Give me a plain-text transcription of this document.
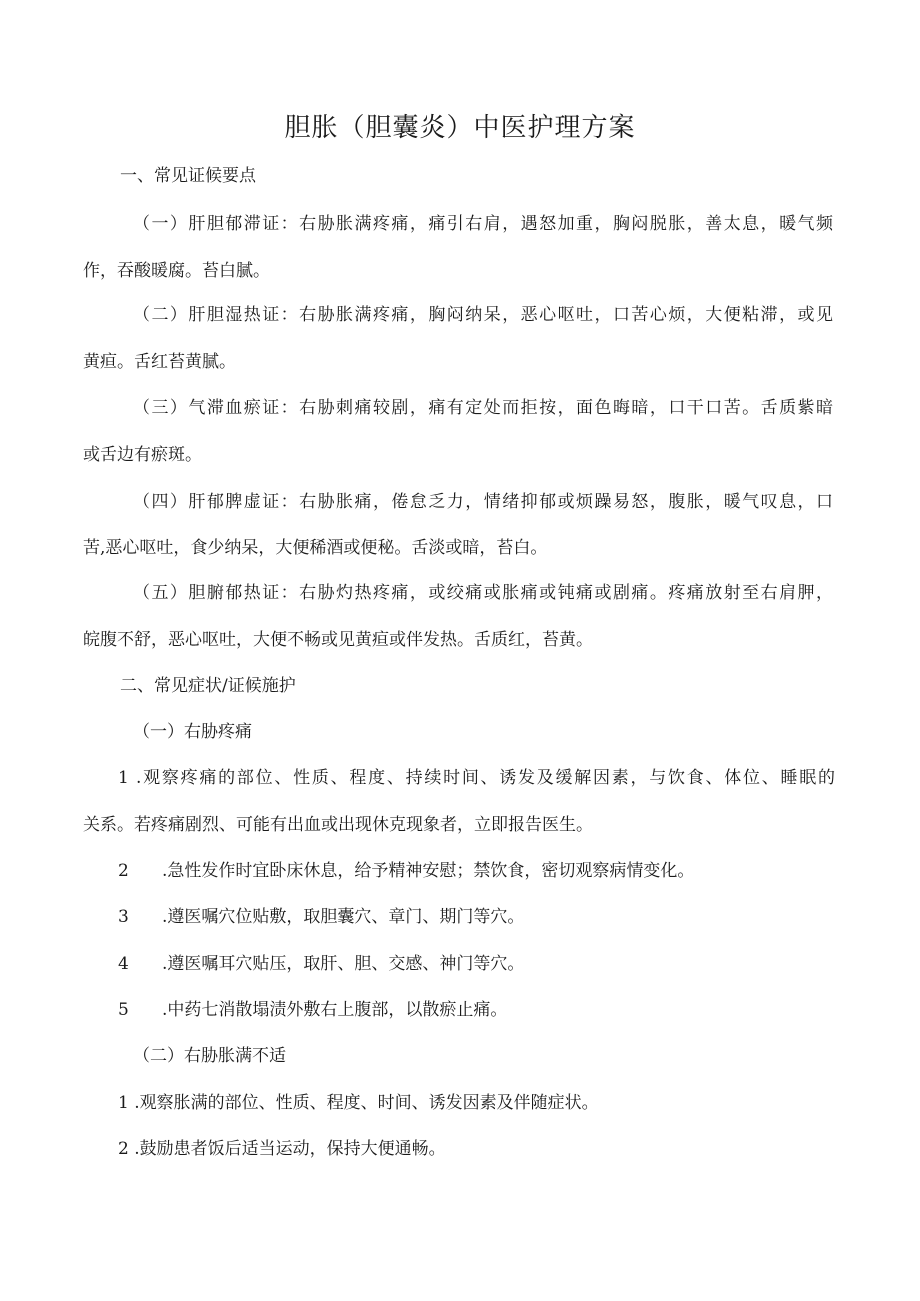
胆胀（胆囊炎）中医护理方案
一、常见证候要点
（一）肝胆郁滞证：右胁胀满疼痛，痛引右肩，遇怒加重，胸闷脱胀，善太息，暖气频
作，吞酸暖腐。苔白腻。
（二）肝胆湿热证：右胁胀满疼痛，胸闷纳呆，恶心呕吐，口苦心烦，大便粘滞，或见
黄疸。舌红苔黄腻。
（三）气滞血瘀证：右胁刺痛较剧，痛有定处而拒按，面色晦暗，口干口苦。舌质紫暗
或舌边有瘀斑。
（四）肝郁脾虚证：右胁胀痛，倦怠乏力，情绪抑郁或烦躁易怒，腹胀，暖气叹息，口
苦,恶心呕吐，食少纳呆，大便稀酒或便秘。舌淡或暗，苔白。
（五）胆腑郁热证：右胁灼热疼痛，或绞痛或胀痛或钝痛或剧痛。疼痛放射至右肩胛，
皖腹不舒，恶心呕吐，大便不畅或见黄疸或伴发热。舌质红，苔黄。
二、常见症状/证候施护
（一）右胁疼痛
1 .观察疼痛的部位、性质、程度、持续时间、诱发及缓解因素，与饮食、体位、睡眠的
关系。若疼痛剧烈、可能有出血或出现休克现象者，立即报告医生。
2 .急性发作时宜卧床休息，给予精神安慰；禁饮食，密切观察病情变化。
3 .遵医嘱穴位贴敷，取胆囊穴、章门、期门等穴。
4 .遵医嘱耳穴贴压，取肝、胆、交感、神门等穴。
5 .中药七消散塌渍外敷右上腹部，以散瘀止痛。
（二）右胁胀满不适
1 .观察胀满的部位、性质、程度、时间、诱发因素及伴随症状。
2 .鼓励患者饭后适当运动，保持大便通畅。
